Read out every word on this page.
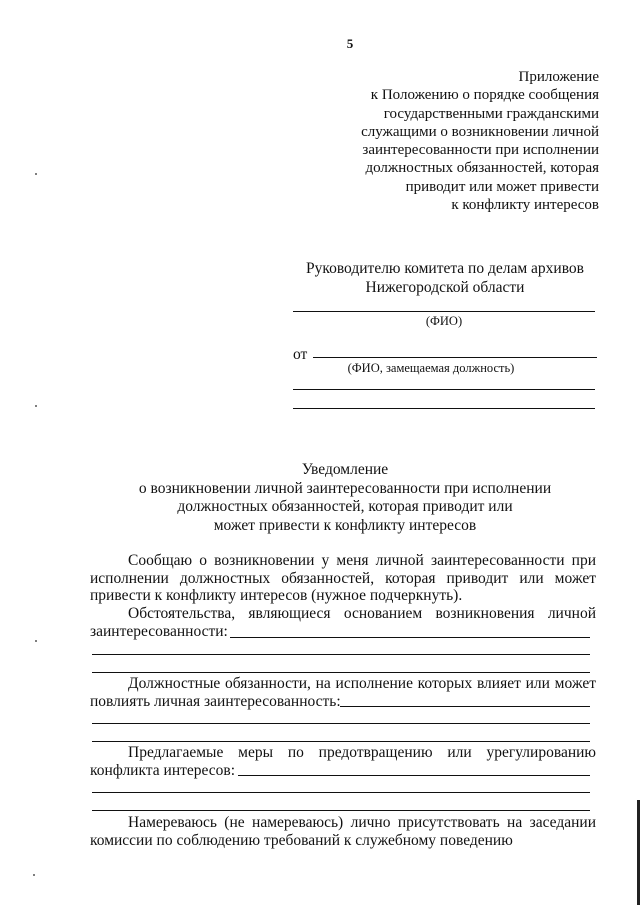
5
Приложение
к Положению о порядке сообщения
государственными гражданскими
служащими о возникновении личной
заинтересованности при исполнении
должностных обязанностей, которая
приводит или может привести
к конфликту интересов
Руководителю комитета по делам архивов
Нижегородской области
(ФИО)
от
(ФИО, замещаемая должность)
Уведомление
о возникновении личной заинтересованности при исполнении
должностных обязанностей, которая приводит или
может привести к конфликту интересов
Сообщаю о возникновении у меня личной заинтересованности при исполнении должностных обязанностей, которая приводит или может привести к конфликту интересов (нужное подчеркнуть).
Обстоятельства, являющиеся основанием возникновения личной заинтересованности:
Должностные обязанности, на исполнение которых влияет или может повлиять личная заинтересованность:
Предлагаемые меры по предотвращению или урегулированию конфликта интересов:
Намереваюсь (не намереваюсь) лично присутствовать на заседании комиссии по соблюдению требований к служебному поведению
